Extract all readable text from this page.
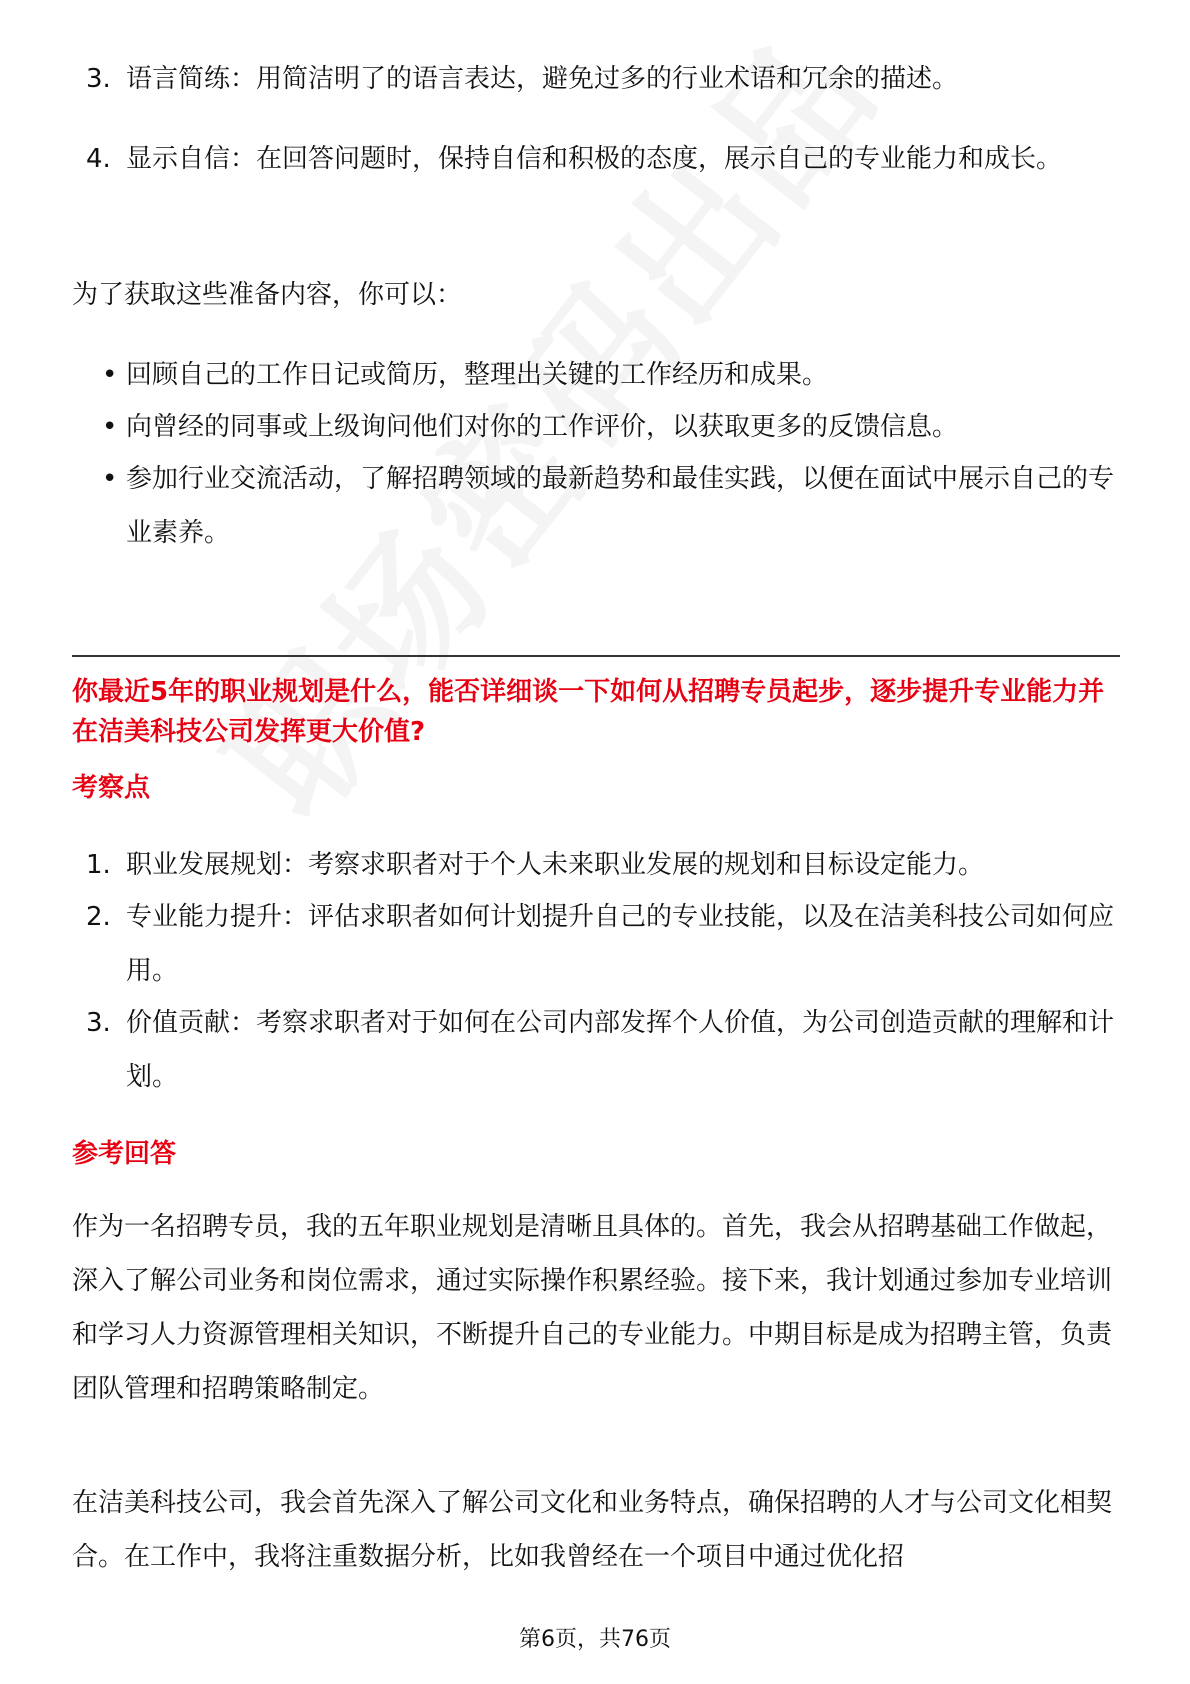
3. 语言简练：用简洁明了的语言表达，避免过多的行业术语和冗余的描述。
4. 显示自信：在回答问题时，保持自信和积极的态度，展示自己的专业能力和成长。
为了获取这些准备内容，你可以：
• 回顾自己的工作日记或简历，整理出关键的工作经历和成果。
• 向曾经的同事或上级询问他们对你的工作评价，以获取更多的反馈信息。
• 参加行业交流活动，了解招聘领域的最新趋势和最佳实践，以便在面试中展示自己的专业素养。
你最近5年的职业规划是什么，能否详细谈一下如何从招聘专员起步，逐步提升专业能力并在洁美科技公司发挥更大价值?
考察点
1. 职业发展规划：考察求职者对于个人未来职业发展的规划和目标设定能力。
2. 专业能力提升：评估求职者如何计划提升自己的专业技能，以及在洁美科技公司如何应用。
3. 价值贡献：考察求职者对于如何在公司内部发挥个人价值，为公司创造贡献的理解和计划。
参考回答
作为一名招聘专员，我的五年职业规划是清晰且具体的。首先，我会从招聘基础工作做起，深入了解公司业务和岗位需求，通过实际操作积累经验。接下来，我计划通过参加专业培训和学习人力资源管理相关知识，不断提升自己的专业能力。中期目标是成为招聘主管，负责团队管理和招聘策略制定。
在洁美科技公司，我会首先深入了解公司文化和业务特点，确保招聘的人才与公司文化相契合。在工作中，我将注重数据分析，比如我曾经在一个项目中通过优化招
第6页，共76页
